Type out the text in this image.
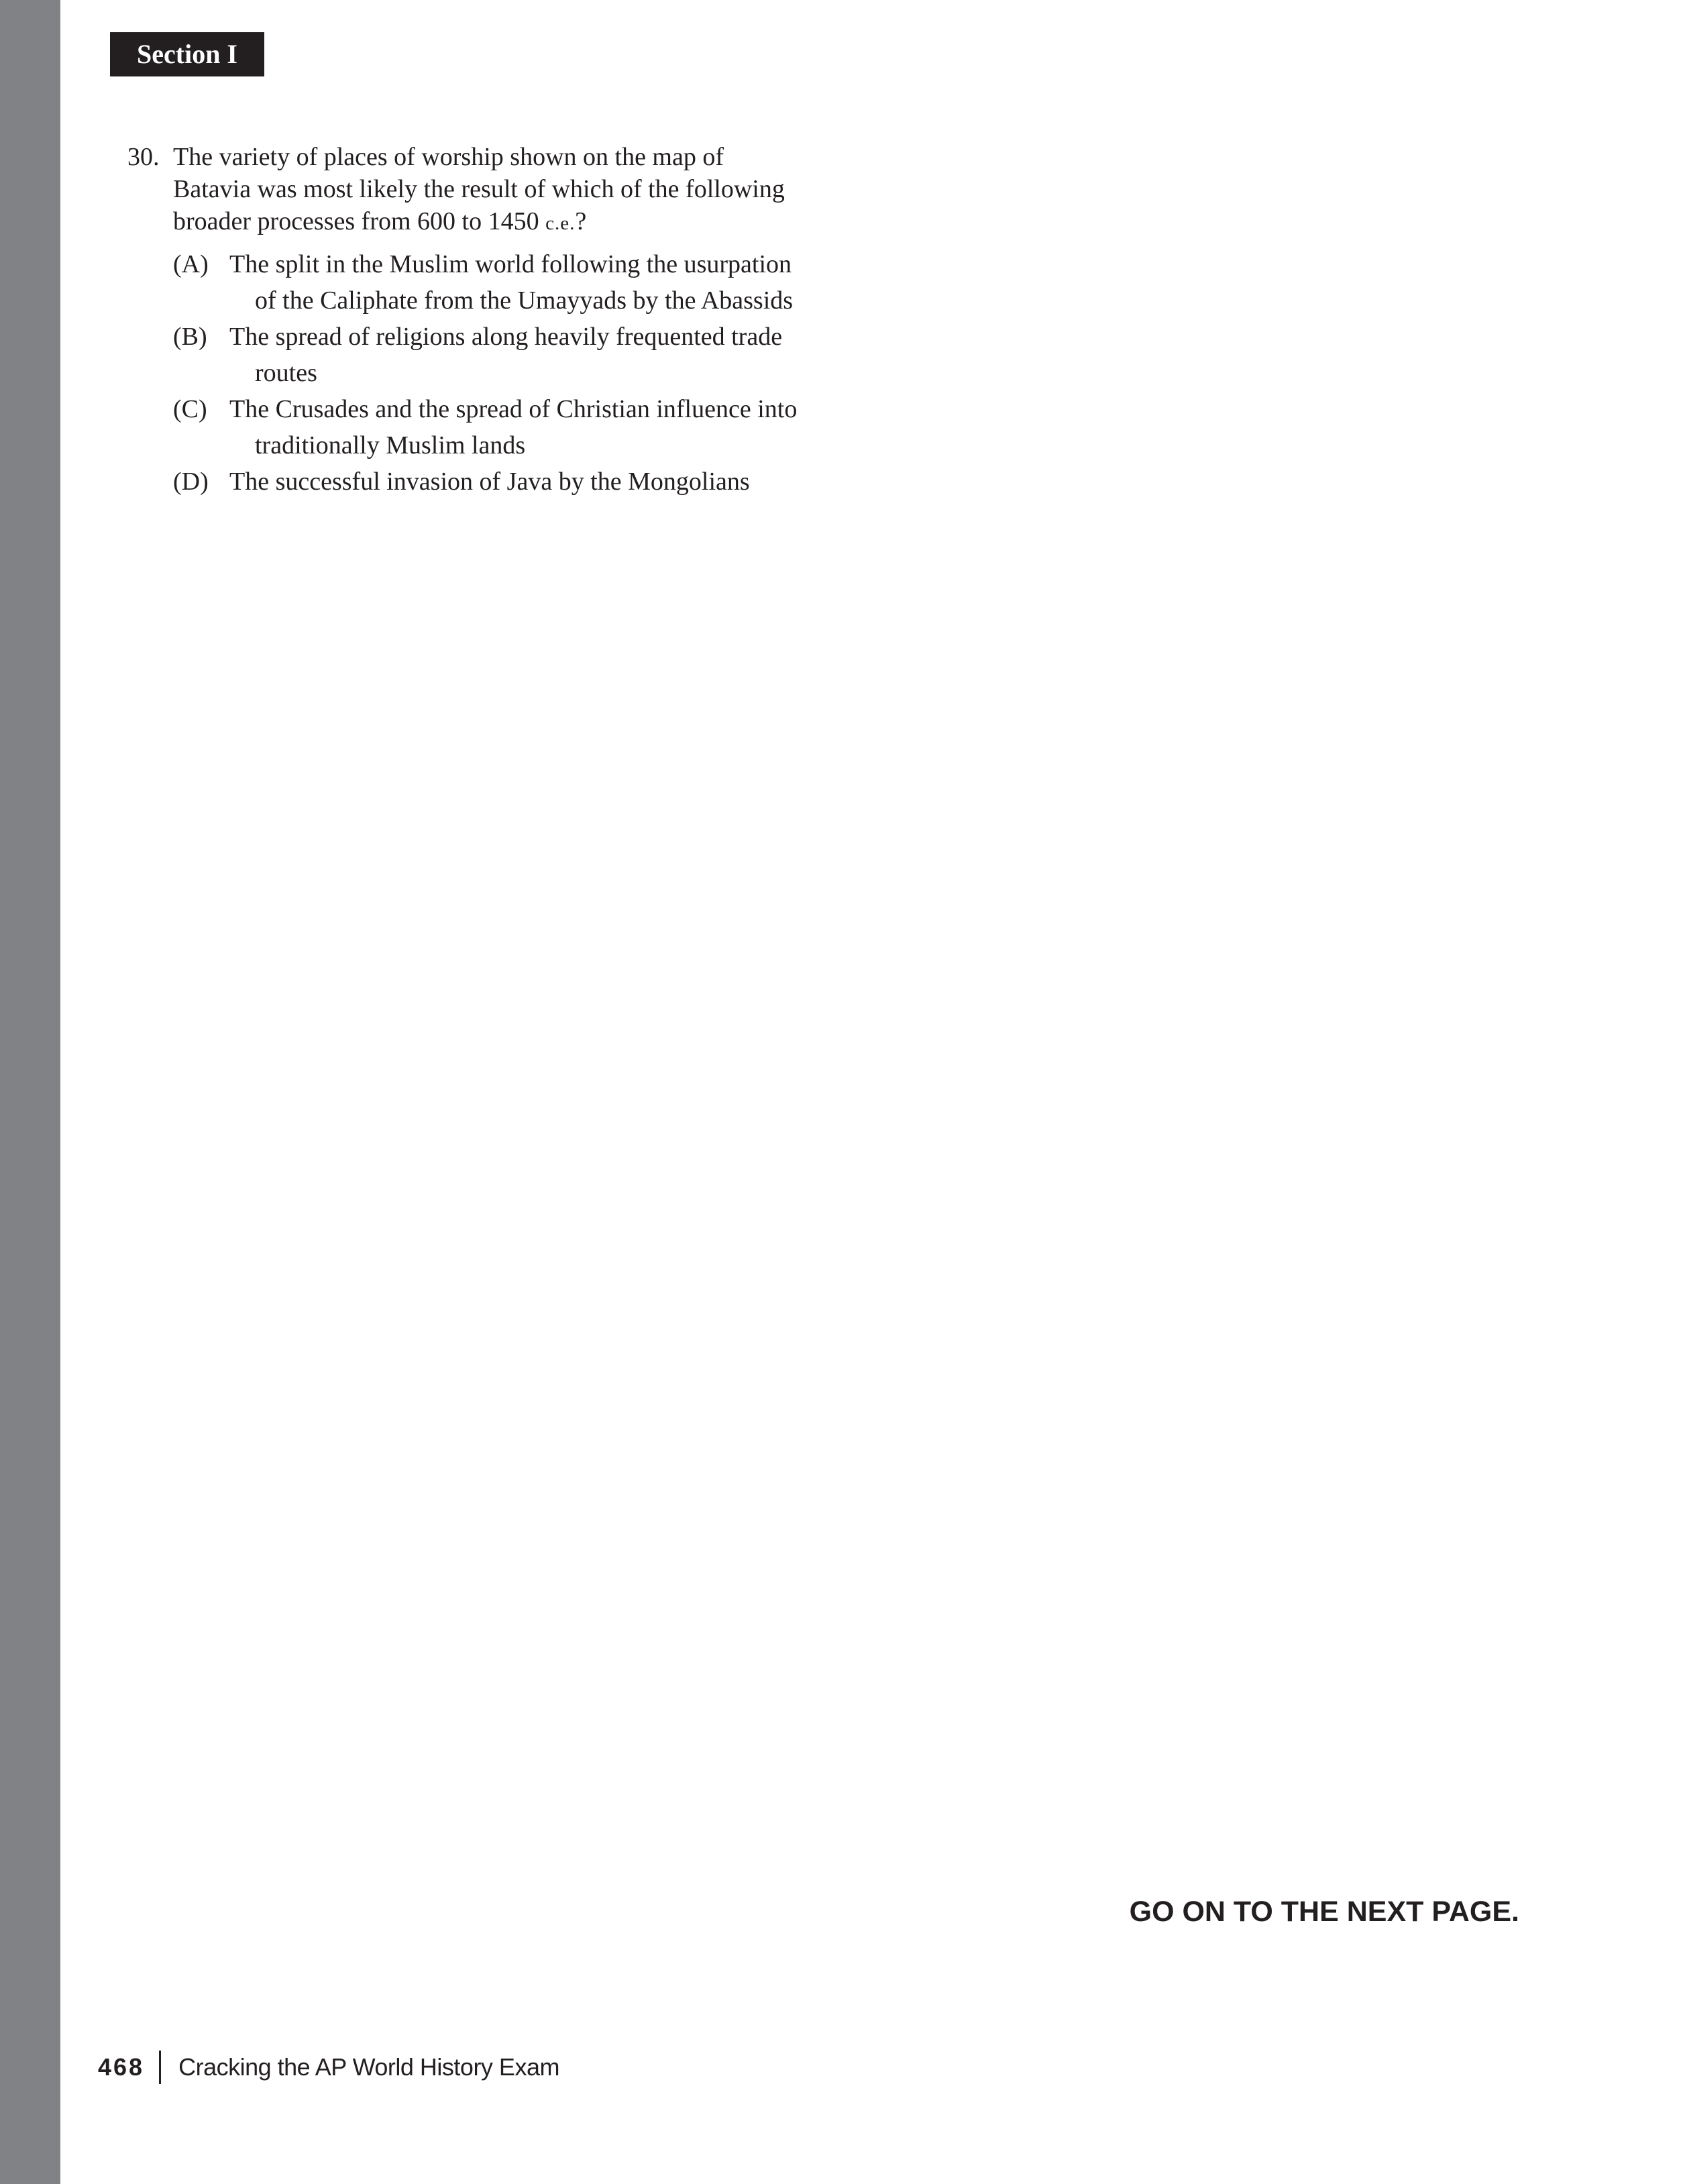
Section I
30. The variety of places of worship shown on the map of Batavia was most likely the result of which of the following broader processes from 600 to 1450 c.e.?
(A) The split in the Muslim world following the usurpation of the Caliphate from the Umayyads by the Abassids
(B) The spread of religions along heavily frequented trade routes
(C) The Crusades and the spread of Christian influence into traditionally Muslim lands
(D) The successful invasion of Java by the Mongolians
GO ON TO THE NEXT PAGE.
468 Cracking the AP World History Exam
